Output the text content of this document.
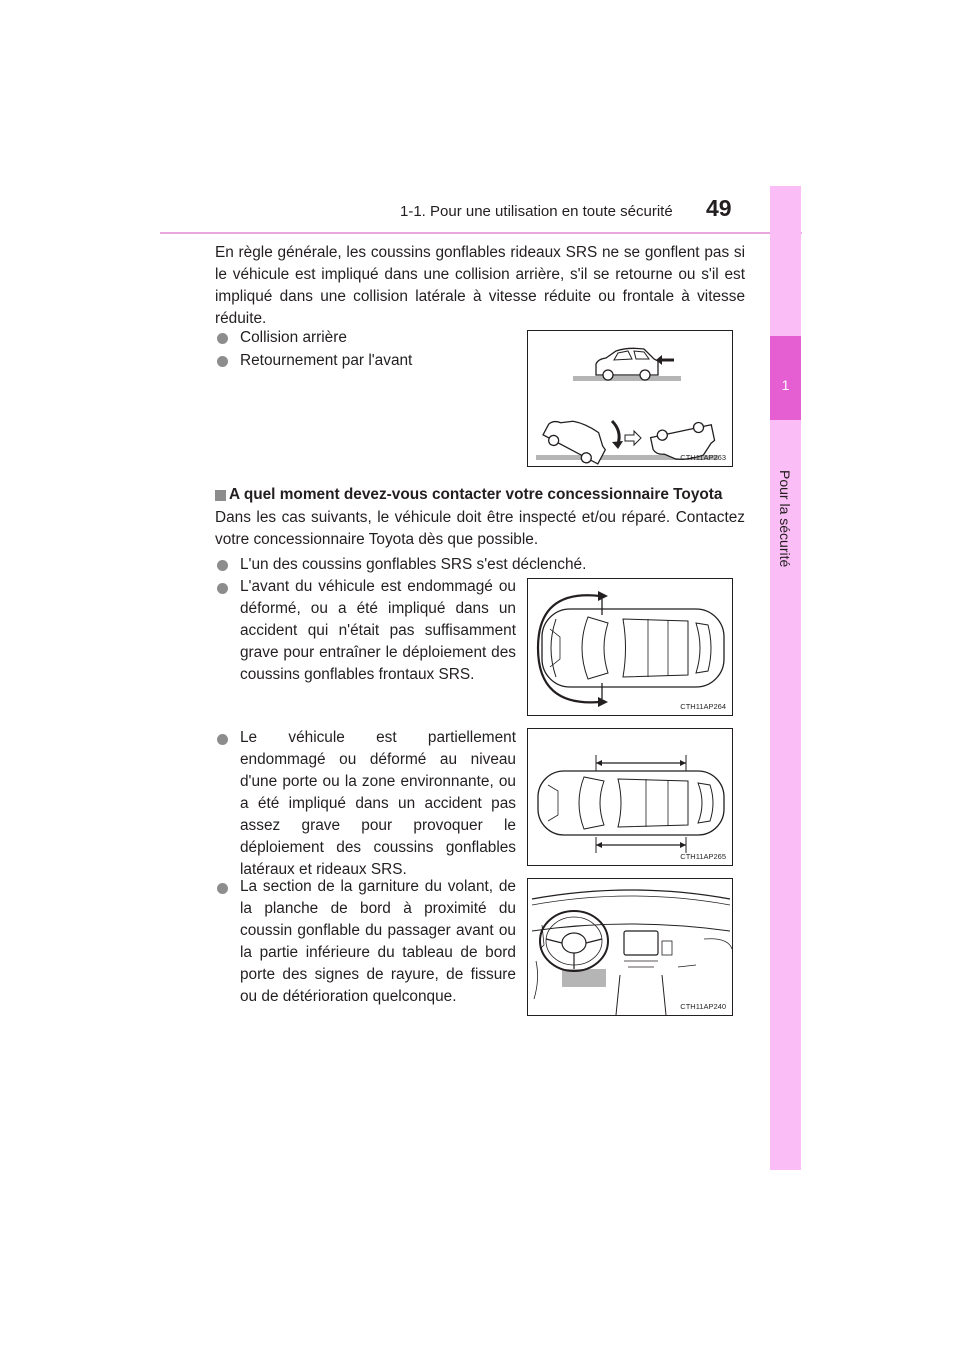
1-1. Pour une utilisation en toute sécurité 49
1
Pour la sécurité
En règle générale, les coussins gonflables rideaux SRS ne se gonflent pas si le véhicule est impliqué dans une collision arrière, s'il se retourne ou s'il est impliqué dans une collision latérale à vitesse réduite ou frontale à vitesse réduite.
Collision arrière
Retournement par l'avant
CTH11AP263
A quel moment devez-vous contacter votre concessionnaire Toyota
Dans les cas suivants, le véhicule doit être inspecté et/ou réparé. Contactez votre concessionnaire Toyota dès que possible.
L'un des coussins gonflables SRS s'est déclenché.
L'avant du véhicule est endommagé ou déformé, ou a été impliqué dans un accident qui n'était pas suffisamment grave pour entraîner le déploiement des coussins gonflables frontaux SRS.
CTH11AP264
Le véhicule est partiellement endommagé ou déformé au niveau d'une porte ou la zone environnante, ou a été impliqué dans un accident pas assez grave pour provoquer le déploiement des coussins gonflables latéraux et rideaux SRS.
CTH11AP265
La section de la garniture du volant, de la planche de bord à proximité du coussin gonflable du passager avant ou la partie inférieure du tableau de bord porte des signes de rayure, de fissure ou de détérioration quelconque.
CTH11AP240
